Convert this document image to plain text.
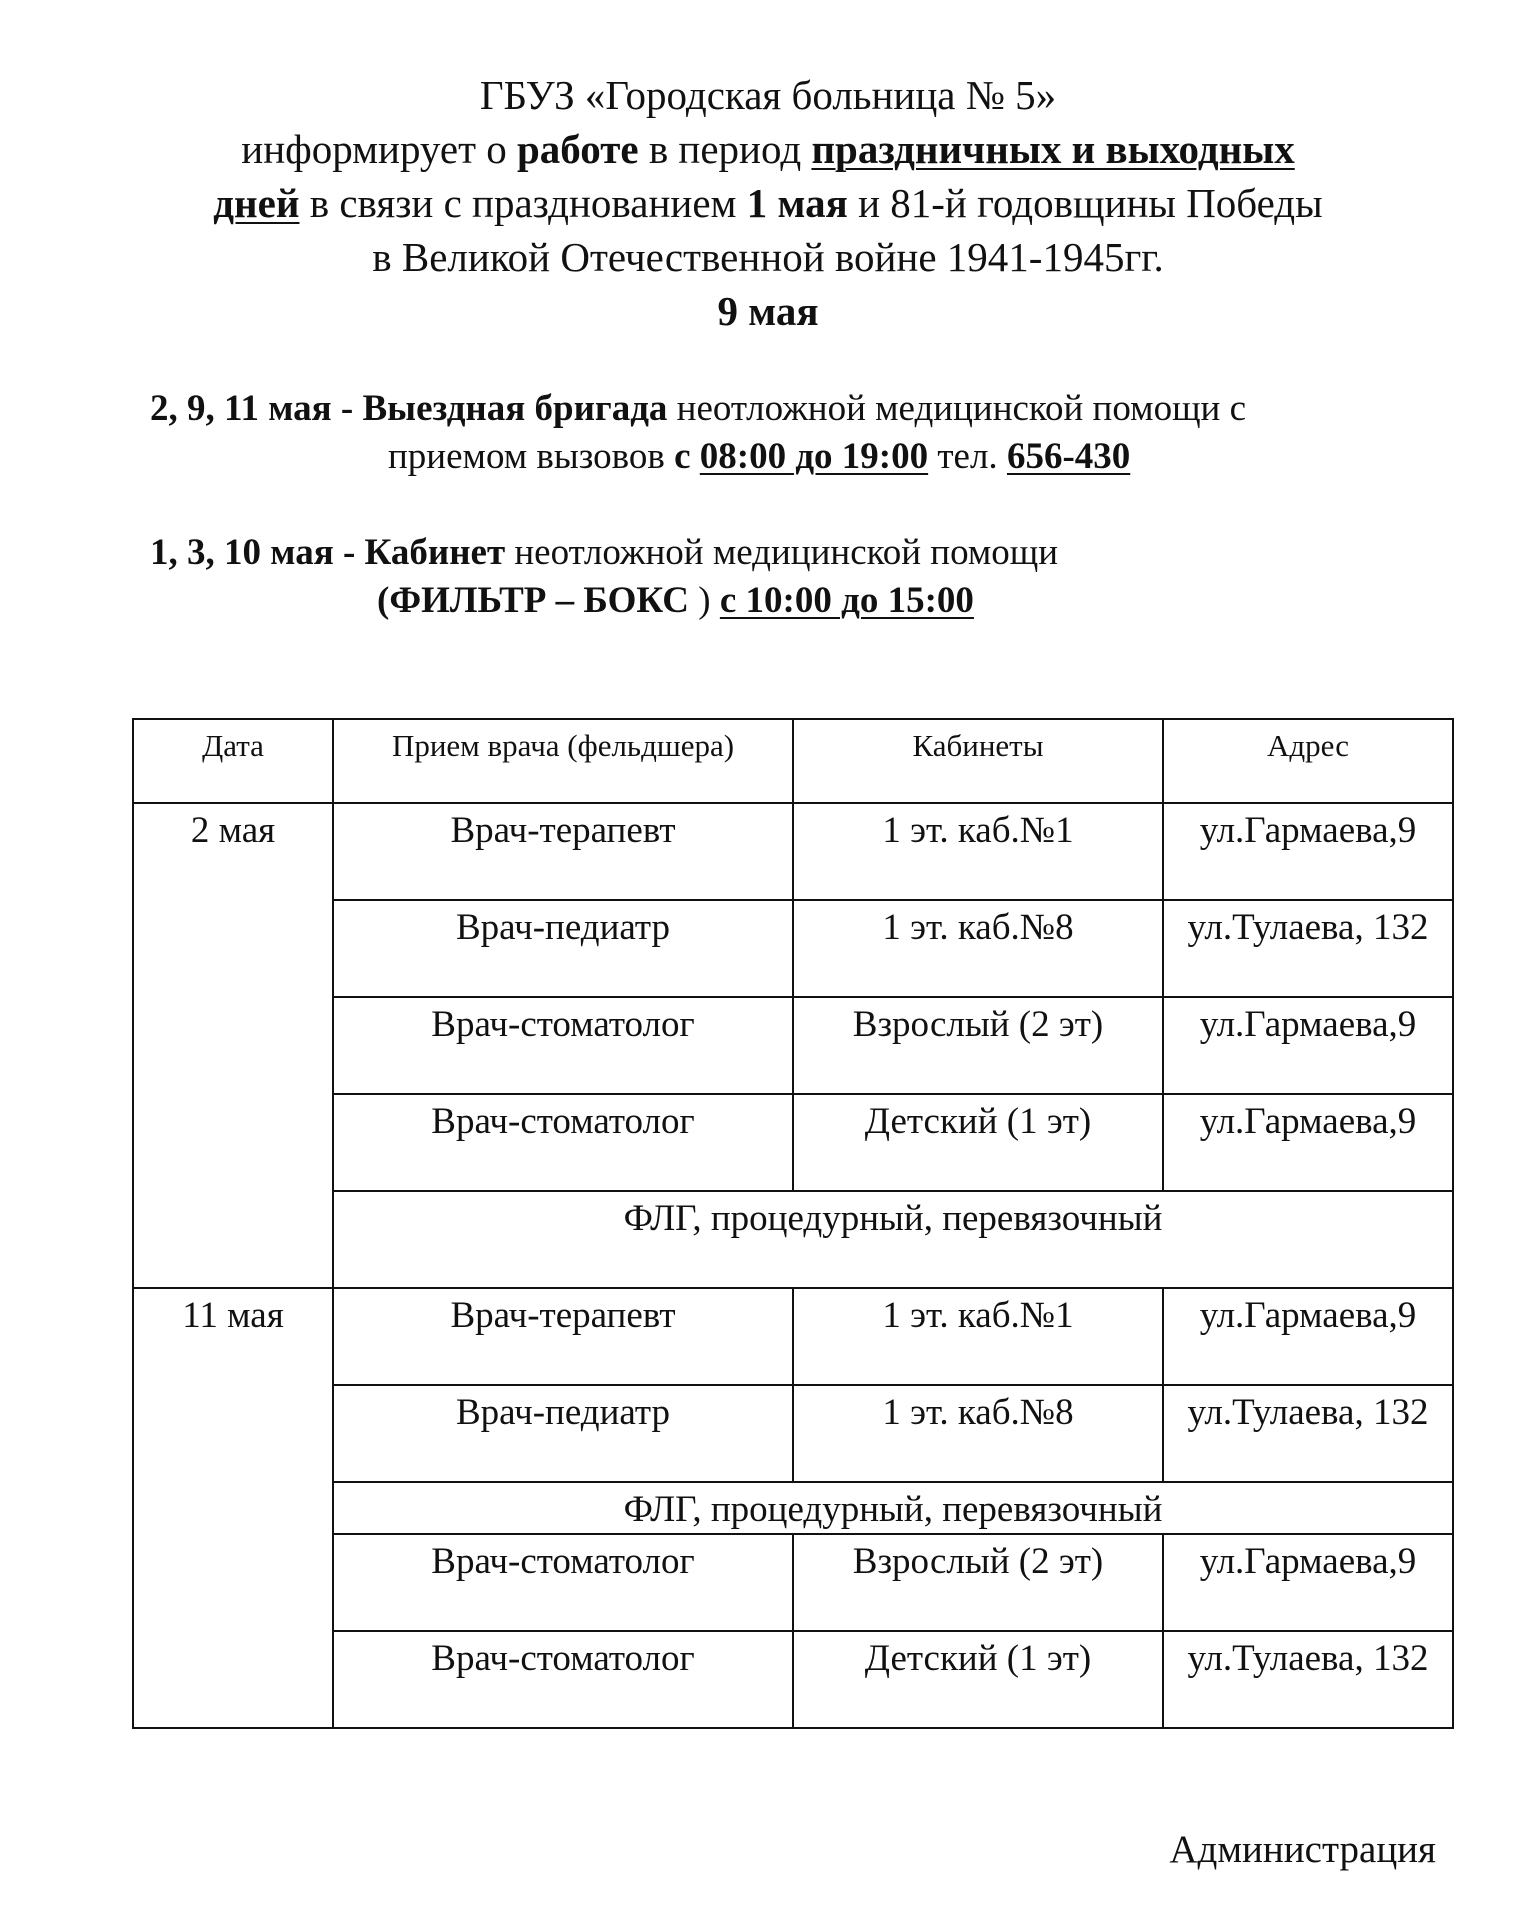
ГБУЗ «Городская больница № 5»

информирует о работе в период праздничных и выходных

дней в связи с празднованием 1 мая и 81-й годовщины Победы

в Великой Отечественной войне 1941-1945гг.

9 мая

2, 9, 11 мая - Выездная бригада неотложной медицинской помощи с

приемом вызовов с 08:00 до 19:00 тел. 656-430

1, 3, 10 мая - Кабинет неотложной медицинской помощи

(ФИЛЬТР – БОКС ) с 10:00 до 15:00

Дата	Прием врача (фельдшера)	Кабинеты	Адрес
2 мая	Врач-терапевт	1 эт. каб.№1	ул.Гармаева,9
	Врач-педиатр	1 эт. каб.№8	ул.Тулаева, 132
	Врач-стоматолог	Взрослый (2 эт)	ул.Гармаева,9
	Врач-стоматолог	Детский (1 эт)	ул.Гармаева,9
	ФЛГ, процедурный, перевязочный		
11 мая	Врач-терапевт	1 эт. каб.№1	ул.Гармаева,9
	Врач-педиатр	1 эт. каб.№8	ул.Тулаева, 132
	ФЛГ, процедурный, перевязочный		
	Врач-стоматолог	Взрослый (2 эт)	ул.Гармаева,9
	Врач-стоматолог	Детский (1 эт)	ул.Тулаева, 132
Администрация
